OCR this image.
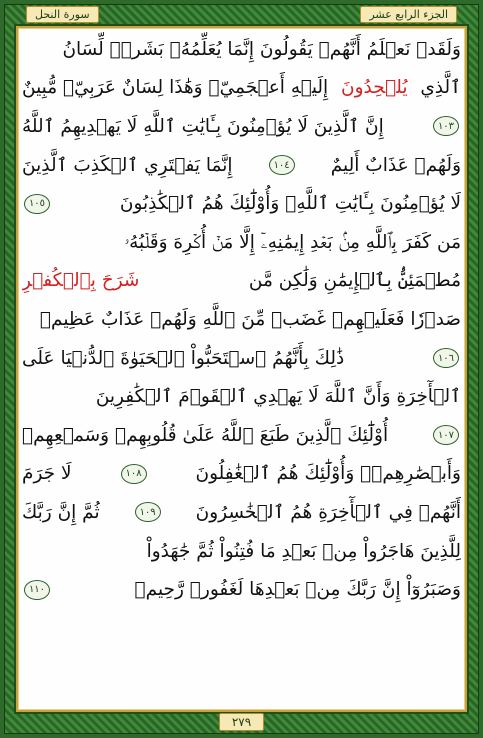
الجزء الرابع عشر
سورة النحل
وَلَقَدۡ نَعۡلَمُ أَنَّهُمۡ يَقُولُونَ إِنَّمَا يُعَلِّمُهُۥ بَشَرٞۗ لِّسَانُ
ٱلَّذِي
يُلۡحِدُونَ
إِلَيۡهِ أَعۡجَمِيّٞ وَهَٰذَا لِسَانٌ عَرَبِيّٞ مُّبِينٌ
١٠٣
إِنَّ ٱلَّذِينَ لَا يُؤۡمِنُونَ بِـَٔايَٰتِ ٱللَّهِ لَا يَهۡدِيهِمُ ٱللَّهُ
وَلَهُمۡ عَذَابٌ أَلِيمٌ
١٠٤
إِنَّمَا يَفۡتَرِي ٱلۡكَذِبَ ٱلَّذِينَ
لَا يُؤۡمِنُونَ بِـَٔايَٰتِ ٱللَّهِۖ وَأُوْلَٰٓئِكَ هُمُ ٱلۡكَٰذِبُونَ
١٠٥
مَن كَفَرَ بِٱللَّهِ مِنۢ بَعۡدِ إِيمَٰنِهِۦٓ إِلَّا مَنۡ أُكۡرِهَ وَقَلۡبُهُۥ
مُطۡمَئِنُّۢ بِٱلۡإِيمَٰنِ وَلَٰكِن مَّن
شَرَحَ بِٱلۡكُفۡرِ
صَدۡرٗا فَعَلَيۡهِمۡ غَضَبٞ مِّنَ ٱللَّهِ وَلَهُمۡ عَذَابٌ عَظِيمٞ
١٠٦
ذَٰلِكَ بِأَنَّهُمُ ٱسۡتَحَبُّواْ ٱلۡحَيَوٰةَ ٱلدُّنۡيَا عَلَى
ٱلۡأٓخِرَةِ وَأَنَّ ٱللَّهَ لَا يَهۡدِي ٱلۡقَوۡمَ ٱلۡكَٰفِرِينَ
١٠٧
أُوْلَٰٓئِكَ ٱلَّذِينَ طَبَعَ ٱللَّهُ عَلَىٰ قُلُوبِهِمۡ وَسَمۡعِهِمۡ
وَأَبۡصَٰرِهِمۡۖ وَأُوْلَٰٓئِكَ هُمُ ٱلۡغَٰفِلُونَ
١٠٨
لَا جَرَمَ
أَنَّهُمۡ فِي ٱلۡأٓخِرَةِ هُمُ ٱلۡخَٰسِرُونَ
١٠٩
ثُمَّ إِنَّ رَبَّكَ
لِلَّذِينَ هَاجَرُواْ مِنۢ بَعۡدِ مَا فُتِنُواْ ثُمَّ جَٰهَدُواْ
وَصَبَرُوٓاْ إِنَّ رَبَّكَ مِنۢ بَعۡدِهَا لَغَفُورٞ رَّحِيمٞ
١١٠
٢٧٩
